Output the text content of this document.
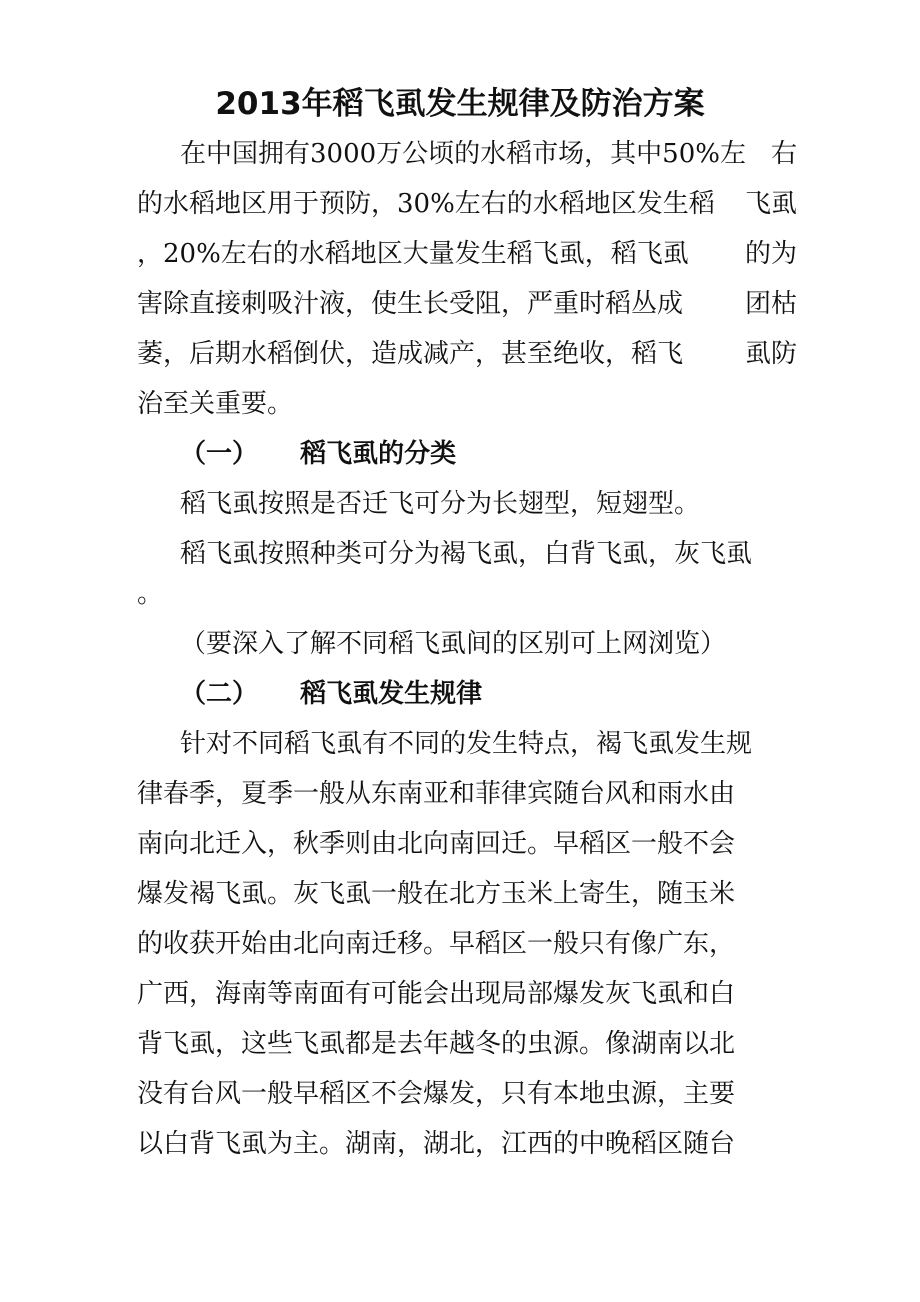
2013年稻飞虱发生规律及防治方案
在中国拥有3000万公顷的水稻市场，其中50%左 右
的水稻地区用于预防，30%左右的水稻地区发生稻 飞虱
，20%左右的水稻地区大量发生稻飞虱，稻飞虱 的为
害除直接刺吸汁液，使生长受阻，严重时稻丛成 团枯
萎，后期水稻倒伏，造成减产，甚至绝收，稻飞 虱防
治至关重要。
（一） 稻飞虱的分类
稻飞虱按照是否迁飞可分为长翅型，短翅型。
稻飞虱按照种类可分为褐飞虱，白背飞虱，灰飞虱
。
（要深入了解不同稻飞虱间的区别可上网浏览）
（二） 稻飞虱发生规律
针对不同稻飞虱有不同的发生特点，褐飞虱发生规
律春季，夏季一般从东南亚和菲律宾随台风和雨水由
南向北迁入，秋季则由北向南回迁。早稻区一般不会
爆发褐飞虱。灰飞虱一般在北方玉米上寄生，随玉米
的收获开始由北向南迁移。早稻区一般只有像广东，
广西，海南等南面有可能会出现局部爆发灰飞虱和白
背飞虱，这些飞虱都是去年越冬的虫源。像湖南以北
没有台风一般早稻区不会爆发，只有本地虫源，主要
以白背飞虱为主。湖南，湖北，江西的中晚稻区随台
